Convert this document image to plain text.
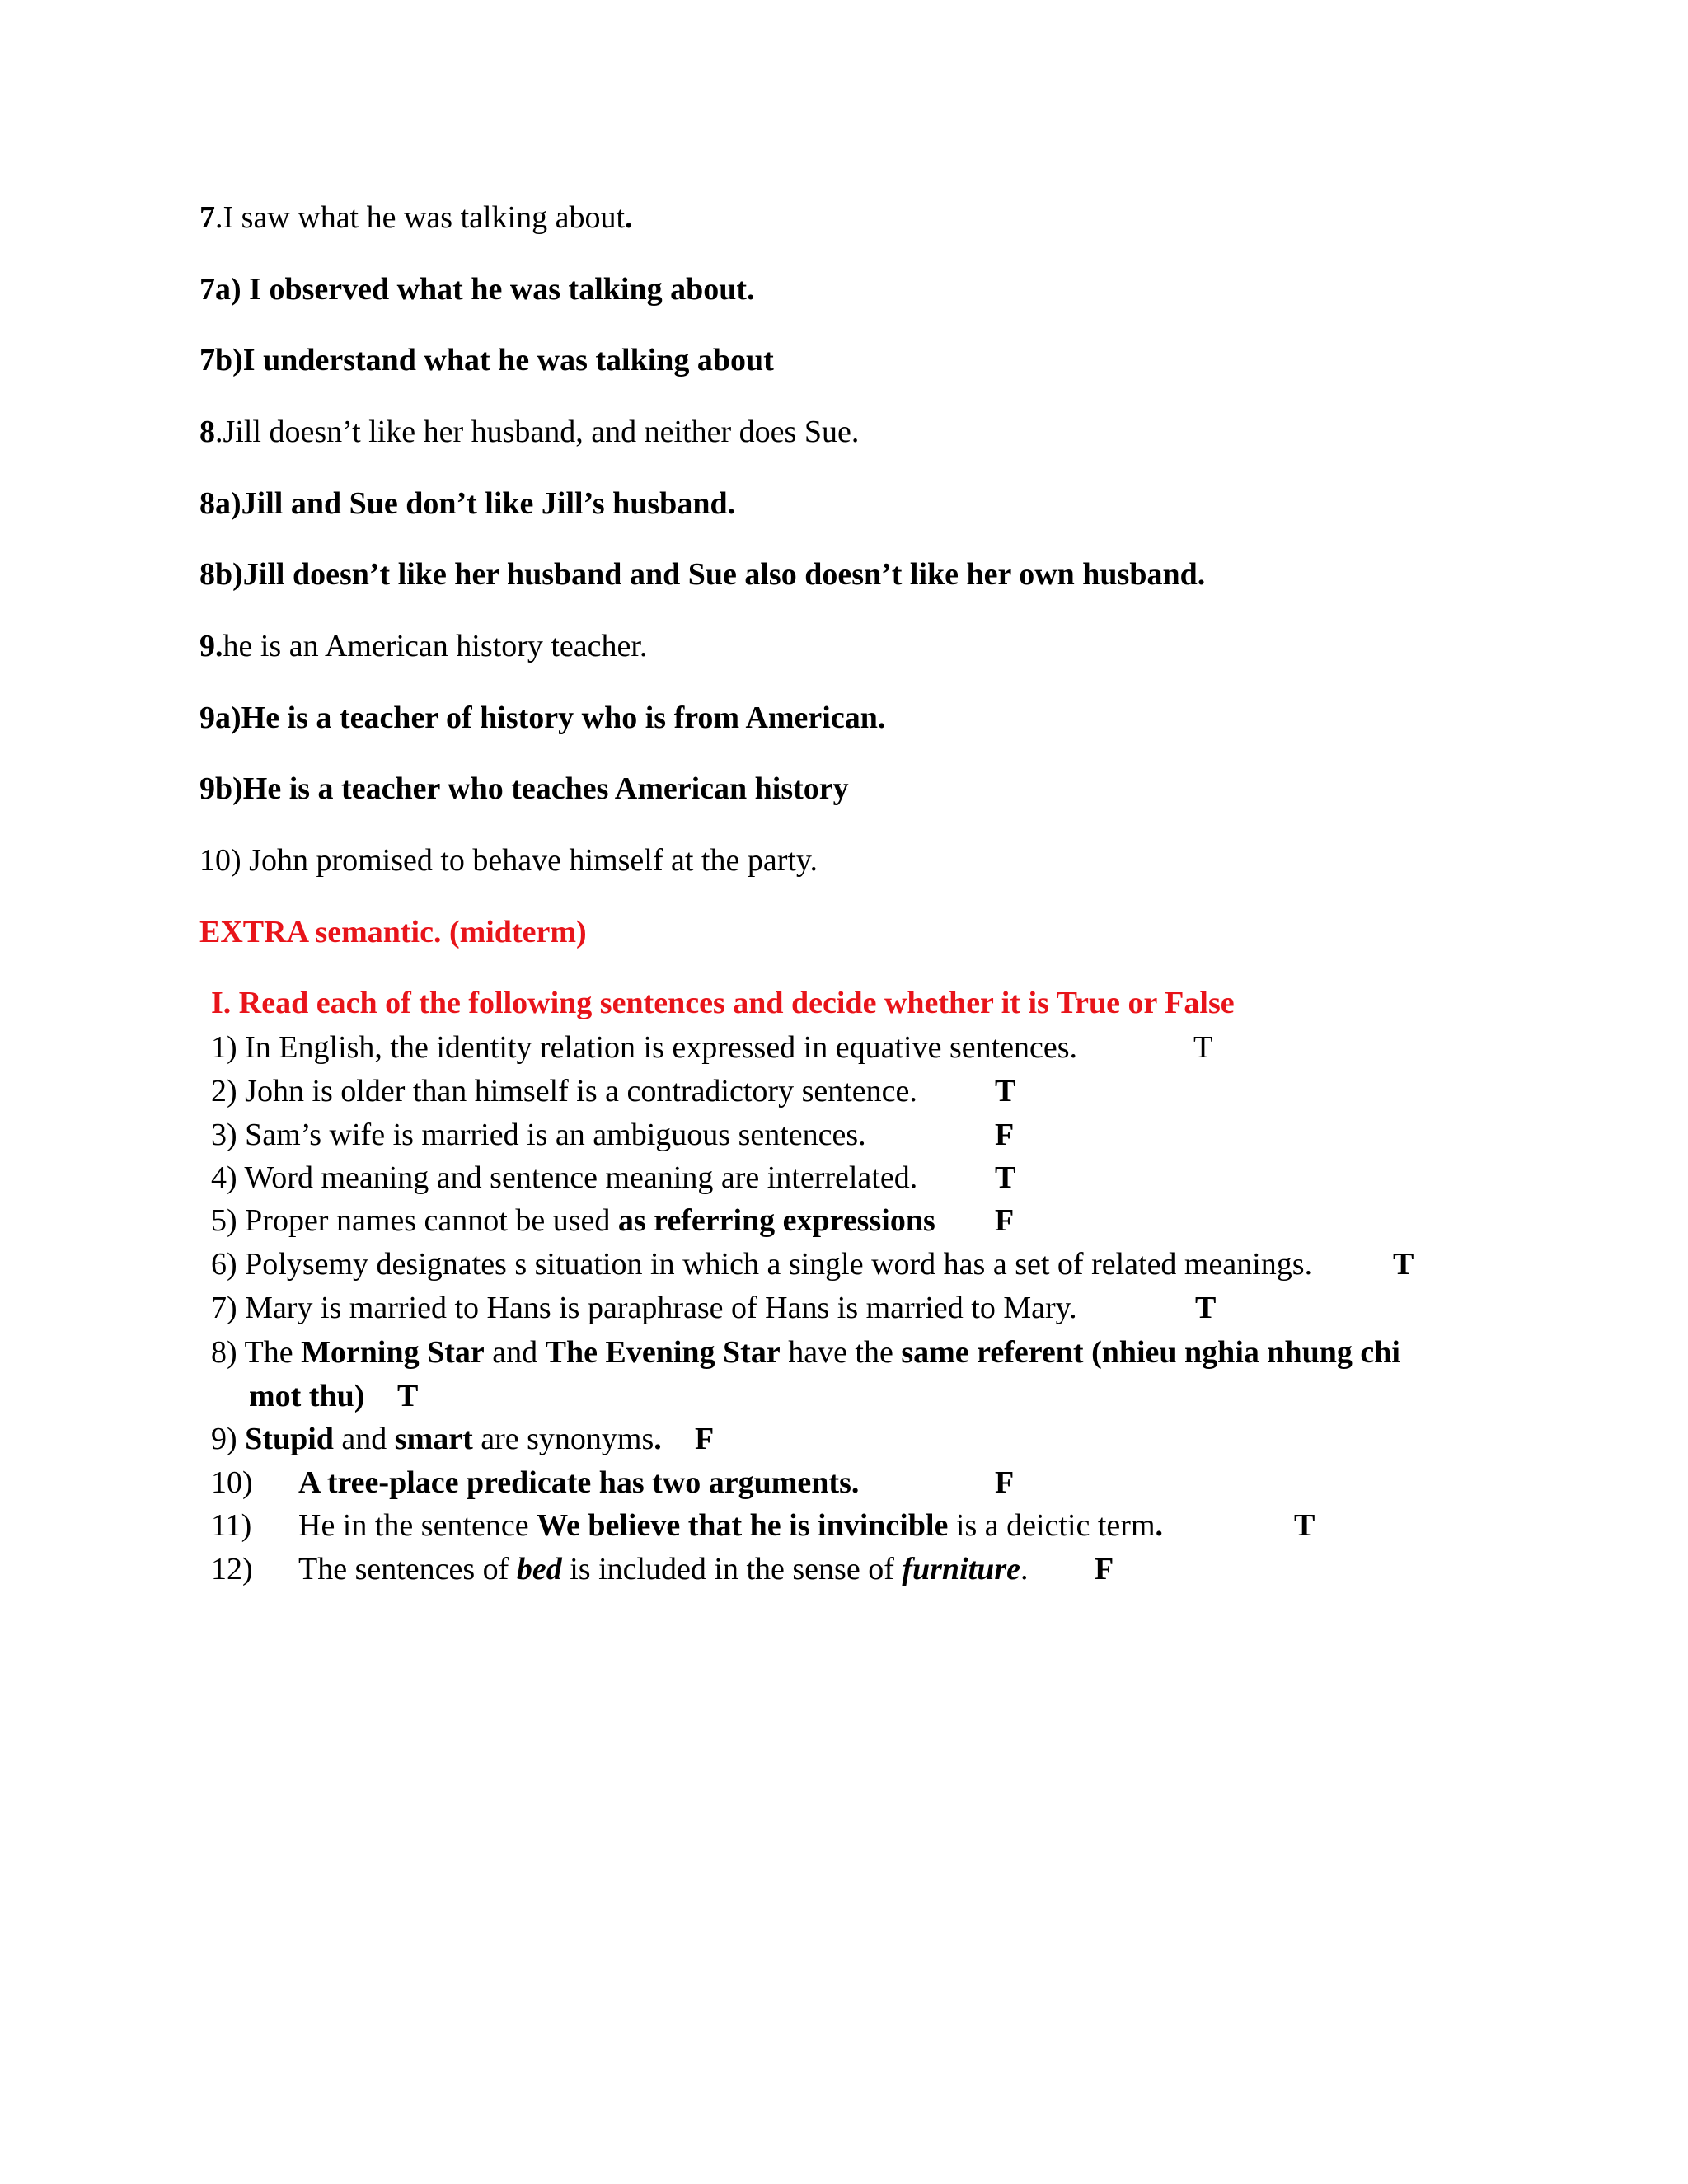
7.I saw what he was talking about.
7a) I observed what he was talking about.
7b)I understand what he was talking about
8.Jill doesn’t like her husband, and neither does Sue.
8a)Jill and Sue don’t like Jill’s husband.
8b)Jill doesn’t like her husband and Sue also doesn’t like her own husband.
9.he is an American history teacher.
9a)He is a teacher of history who is from American.
9b)He is a teacher who teaches American history
10) John promised to behave himself at the party.
EXTRA semantic. (midterm)
I. Read each of the following sentences and decide whether it is True or False
1) In English, the identity relation is expressed in equative sentences.	T
2) John is older than himself is a contradictory sentence. T
3) Sam’s wife is married is an ambiguous sentences.	F
4) Word meaning and sentence meaning are interrelated. T
5) Proper names cannot be used as referring expressions F
6) Polysemy designates s situation in which a single word has a set of related meanings.	T
7) Mary is married to Hans is paraphrase of Hans is married to Mary.	T
8) The Morning Star and The Evening Star have the same referent (nhieu nghia nhung chi
mot thu) T
9) Stupid and smart are synonyms. F
10) A tree-place predicate has two arguments.	F
11) He in the sentence We believe that he is invincible is a deictic term.	T
12) The sentences of bed is included in the sense of furniture. F
